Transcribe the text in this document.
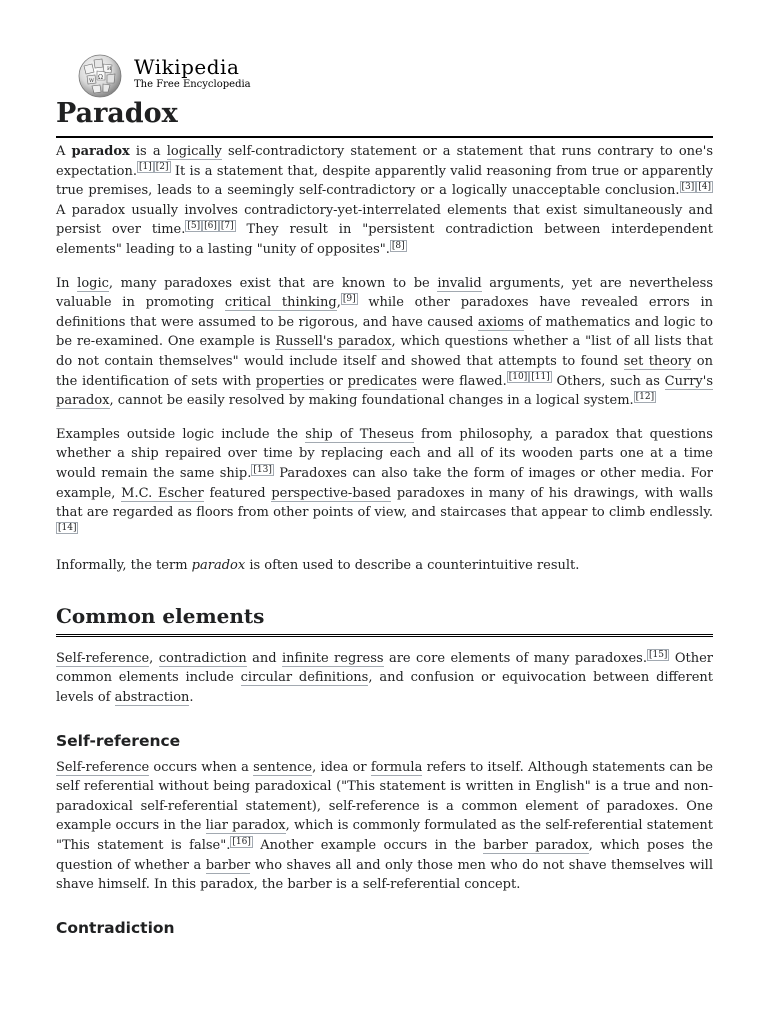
Ω
W
И Wikipedia
The Free Encyclopedia
Paradox

A paradox is a logically self-contradictory statement or a statement that runs contrary to one's expectation. [1] [2] It is a statement that, despite apparently valid reasoning from true or apparently true premises, leads to a seemingly self-contradictory or a logically unacceptable conclusion. [3] [4] A paradox usually involves contradictory-yet-interrelated elements that exist simultaneously and persist over time. [5] [6] [7] They result in "persistent contradiction between interdependent elements" leading to a lasting "unity of opposites". [8]

In logic, many paradoxes exist that are known to be invalid arguments, yet are nevertheless valuable in promoting critical thinking, [9] while other paradoxes have revealed errors in definitions that were assumed to be rigorous, and have caused axioms of mathematics and logic to be re-examined. One example is Russell's paradox, which questions whether a "list of all lists that do not contain themselves" would include itself and showed that attempts to found set theory on the identification of sets with properties or predicates were flawed. [10] [11] Others, such as Curry's paradox, cannot be easily resolved by making foundational changes in a logical system. [12]

Examples outside logic include the ship of Theseus from philosophy, a paradox that questions whether a ship repaired over time by replacing each and all of its wooden parts one at a time would remain the same ship. [13] Paradoxes can also take the form of images or other media. For example, M.C. Escher featured perspective-based paradoxes in many of his drawings, with walls that are regarded as floors from other points of view, and staircases that appear to climb endlessly.[14]

Informally, the term paradox is often used to describe a counterintuitive result.

Common elements

Self-reference, contradiction and infinite regress are core elements of many paradoxes. [15] Other common elements include circular definitions, and confusion or equivocation between different levels of abstraction.

Self-reference

Self-reference occurs when a sentence, idea or formula refers to itself. Although statements can be self referential without being paradoxical ("This statement is written in English" is a true and non-paradoxical self-referential statement), self-reference is a common element of paradoxes. One example occurs in the liar paradox, which is commonly formulated as the self-referential statement "This statement is false". [16] Another example occurs in the barber paradox, which poses the question of whether a barber who shaves all and only those men who do not shave themselves will shave himself. In this paradox, the barber is a self-referential concept.

Contradiction
